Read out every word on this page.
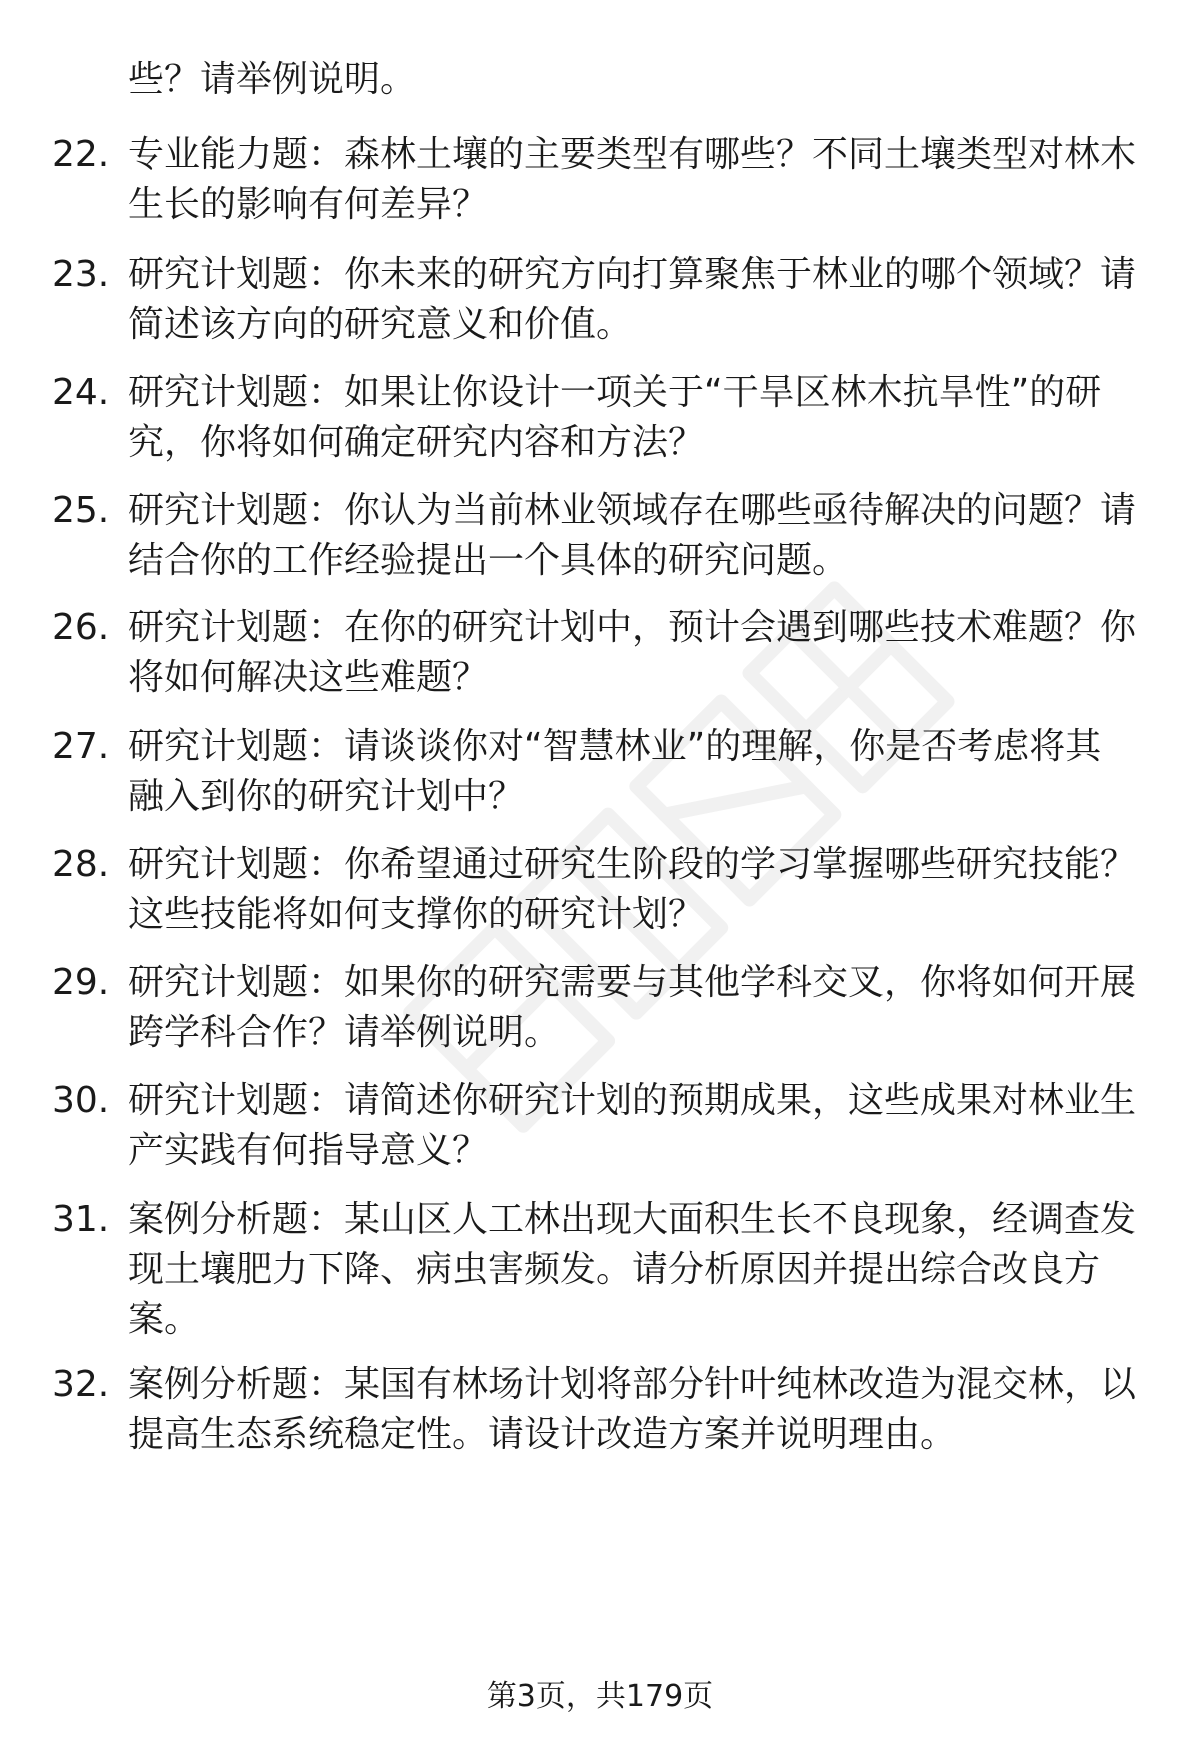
些？请举例说明。
22. 专业能力题：森林土壤的主要类型有哪些？不同土壤类型对林木
生长的影响有何差异？
23. 研究计划题：你未来的研究方向打算聚焦于林业的哪个领域？请
简述该方向的研究意义和价值。
24. 研究计划题：如果让你设计一项关于“干旱区林木抗旱性”的研
究，你将如何确定研究内容和方法？
25. 研究计划题：你认为当前林业领域存在哪些亟待解决的问题？请
结合你的工作经验提出一个具体的研究问题。
26. 研究计划题：在你的研究计划中，预计会遇到哪些技术难题？你
将如何解决这些难题？
27. 研究计划题：请谈谈你对“智慧林业”的理解，你是否考虑将其
融入到你的研究计划中？
28. 研究计划题：你希望通过研究生阶段的学习掌握哪些研究技能？
这些技能将如何支撑你的研究计划？
29. 研究计划题：如果你的研究需要与其他学科交叉，你将如何开展
跨学科合作？请举例说明。
30. 研究计划题：请简述你研究计划的预期成果，这些成果对林业生
产实践有何指导意义？
31. 案例分析题：某山区人工林出现大面积生长不良现象，经调查发
现土壤肥力下降、病虫害频发。请分析原因并提出综合改良方
案。
32. 案例分析题：某国有林场计划将部分针叶纯林改造为混交林，以
提高生态系统稳定性。请设计改造方案并说明理由。
第3页，共179页
